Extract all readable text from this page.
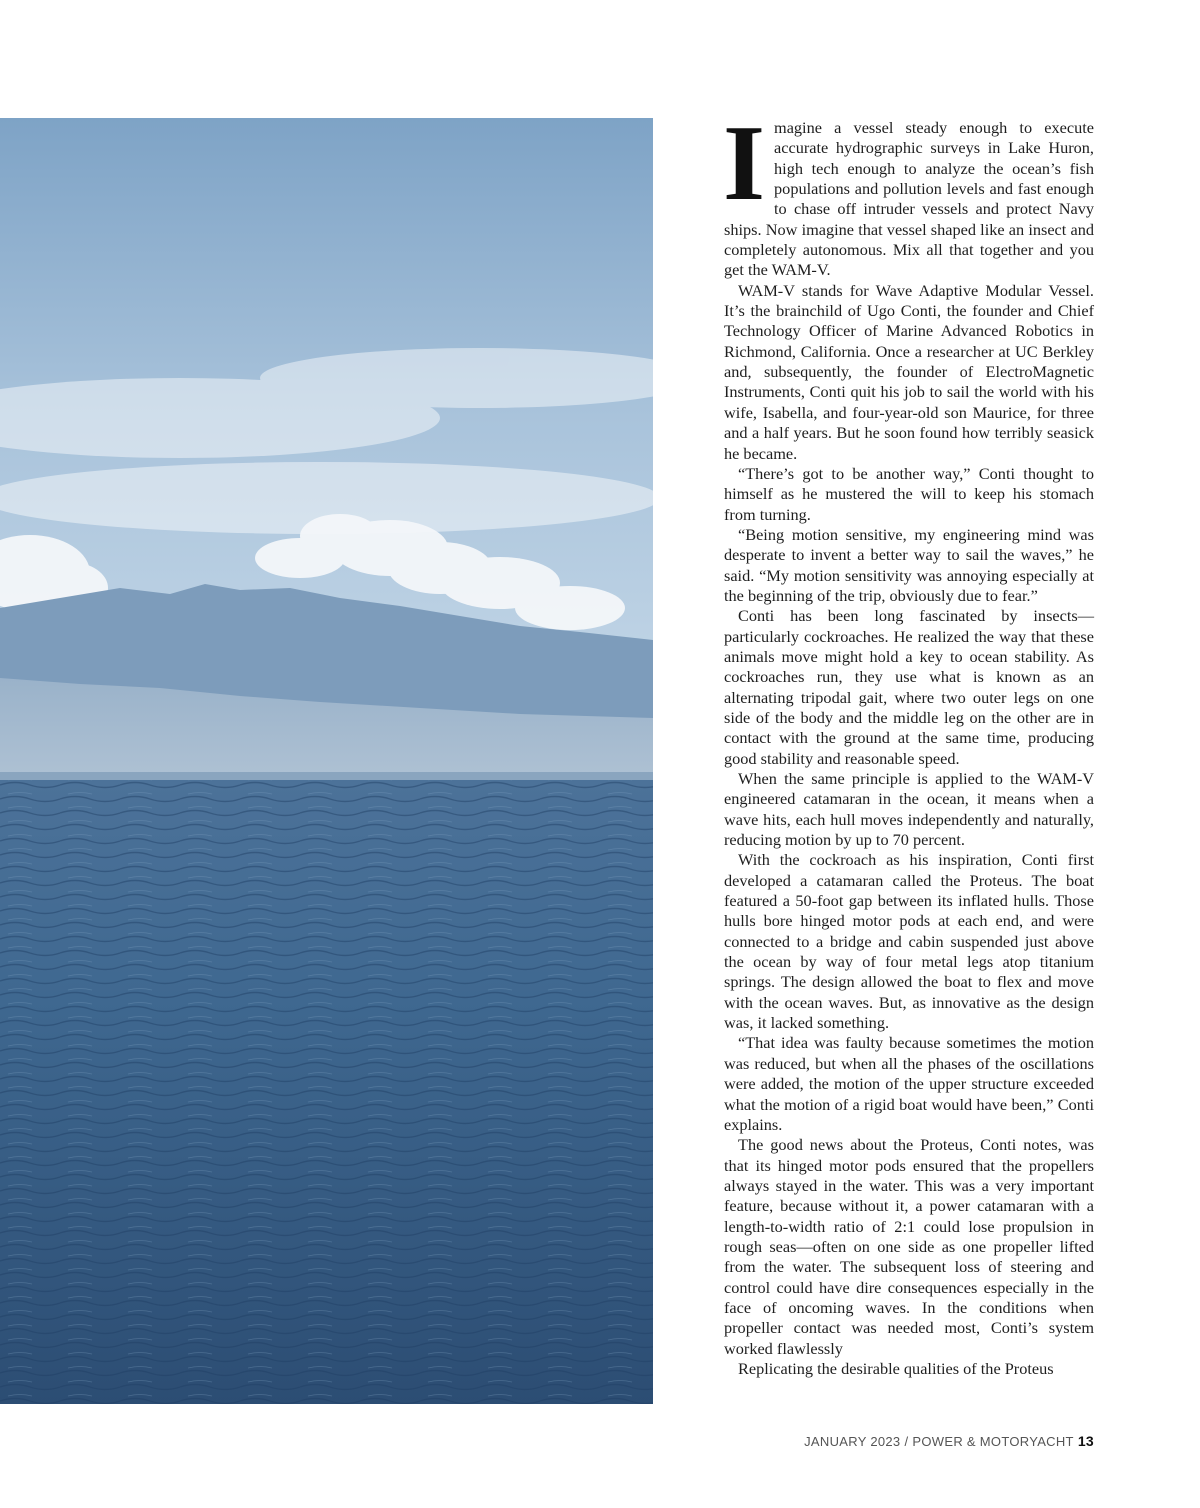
Imagine a vessel steady enough to execute accurate hydrographic surveys in Lake Huron, high tech enough to analyze the ocean’s fish populations and pollution levels and fast enough to chase off intruder vessels and protect Navy ships. Now imagine that vessel shaped like an insect and completely autonomous. Mix all that together and you get the WAM-V.

WAM-V stands for Wave Adaptive Modular Vessel. It’s the brainchild of Ugo Conti, the founder and Chief Technology Officer of Marine Advanced Robotics in Richmond, California. Once a researcher at UC Berkley and, subsequently, the founder of ElectroMagnetic Instruments, Conti quit his job to sail the world with his wife, Isabella, and four-year-old son Maurice, for three and a half years. But he soon found how terribly seasick he became.

“There’s got to be another way,” Conti thought to himself as he mustered the will to keep his stomach from turning.

“Being motion sensitive, my engineering mind was desperate to invent a better way to sail the waves,” he said. “My motion sensitivity was annoying especially at the beginning of the trip, obviously due to fear.”

Conti has been long fascinated by insects—particularly cockroaches. He realized the way that these animals move might hold a key to ocean stability. As cockroaches run, they use what is known as an alternating tripodal gait, where two outer legs on one side of the body and the middle leg on the other are in contact with the ground at the same time, producing good stability and reasonable speed.

When the same principle is applied to the WAM-V engineered catamaran in the ocean, it means when a wave hits, each hull moves independently and naturally, reducing motion by up to 70 percent.

With the cockroach as his inspiration, Conti first developed a catamaran called the Proteus. The boat featured a 50-foot gap between its inflated hulls. Those hulls bore hinged motor pods at each end, and were connected to a bridge and cabin suspended just above the ocean by way of four metal legs atop titanium springs. The design allowed the boat to flex and move with the ocean waves. But, as innovative as the design was, it lacked something.

“That idea was faulty because sometimes the motion was reduced, but when all the phases of the oscillations were added, the motion of the upper structure exceeded what the motion of a rigid boat would have been,” Conti explains.

The good news about the Proteus, Conti notes, was that its hinged motor pods ensured that the propellers always stayed in the water. This was a very important feature, because without it, a power catamaran with a length-to-width ratio of 2:1 could lose propulsion in rough seas—often on one side as one propeller lifted from the water. The subsequent loss of steering and control could have dire consequences especially in the face of oncoming waves. In the conditions when propeller contact was needed most, Conti’s system worked flawlessly

Replicating the desirable qualities of the Proteus

JANUARY 2023 / POWER & MOTORYACHT 13
